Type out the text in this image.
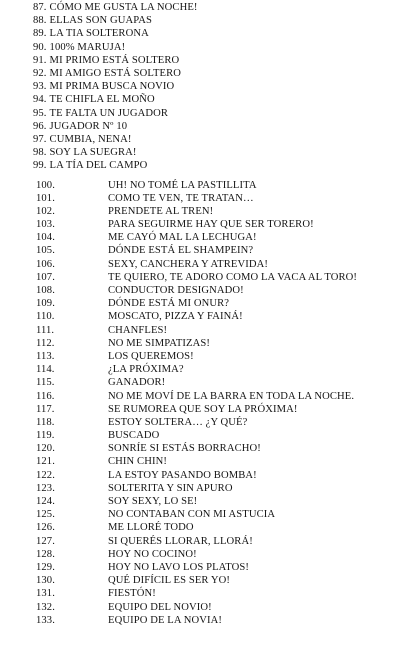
87. CÓMO ME GUSTA LA NOCHE!
88. ELLAS SON GUAPAS
89. LA TIA SOLTERONA
90. 100% MARUJA!
91. MI PRIMO ESTÁ SOLTERO
92. MI AMIGO ESTÁ SOLTERO
93. MI PRIMA BUSCA NOVIO
94. TE CHIFLA EL MOÑO
95. TE FALTA UN JUGADOR
96. JUGADOR Nº 10
97. CUMBIA, NENA!
98. SOY LA SUEGRA!
99. LA TÍA DEL CAMPO
100.	UH! NO TOMÉ LA PASTILLITA
101.	COMO TE VEN, TE TRATAN…
102.	PRENDETE AL TREN!
103.	PARA SEGUIRME HAY QUE SER TORERO!
104.	ME CAYÓ MAL LA LECHUGA!
105.	DÓNDE ESTÁ EL SHAMPEIN?
106.	SEXY, CANCHERA Y ATREVIDA!
107.	TE QUIERO, TE ADORO COMO LA VACA AL TORO!
108.	CONDUCTOR DESIGNADO!
109.	DÓNDE ESTÁ MI ONUR?
110.	MOSCATO, PIZZA Y FAINÁ!
111.	CHANFLES!
112.	NO ME SIMPATIZAS!
113.	LOS QUEREMOS!
114.	¿LA PRÓXIMA?
115.	GANADOR!
116.	NO ME MOVÍ DE LA BARRA EN TODA LA NOCHE.
117.	SE RUMOREA QUE SOY LA PRÓXIMA!
118.	ESTOY SOLTERA… ¿Y QUÉ?
119.	BUSCADO
120.	SONRÍE SI ESTÁS BORRACHO!
121.	CHIN CHIN!
122.	LA ESTOY PASANDO BOMBA!
123.	SOLTERITA Y SIN APURO
124.	SOY SEXY, LO SE!
125.	NO CONTABAN CON MI ASTUCIA
126.	ME LLORÉ TODO
127.	SI QUERÉS LLORAR, LLORÁ!
128.	HOY NO COCINO!
129.	HOY NO LAVO LOS PLATOS!
130.	QUÉ DIFÍCIL ES SER YO!
131.	FIESTÓN!
132.	EQUIPO DEL NOVIO!
133.	EQUIPO DE LA NOVIA!
